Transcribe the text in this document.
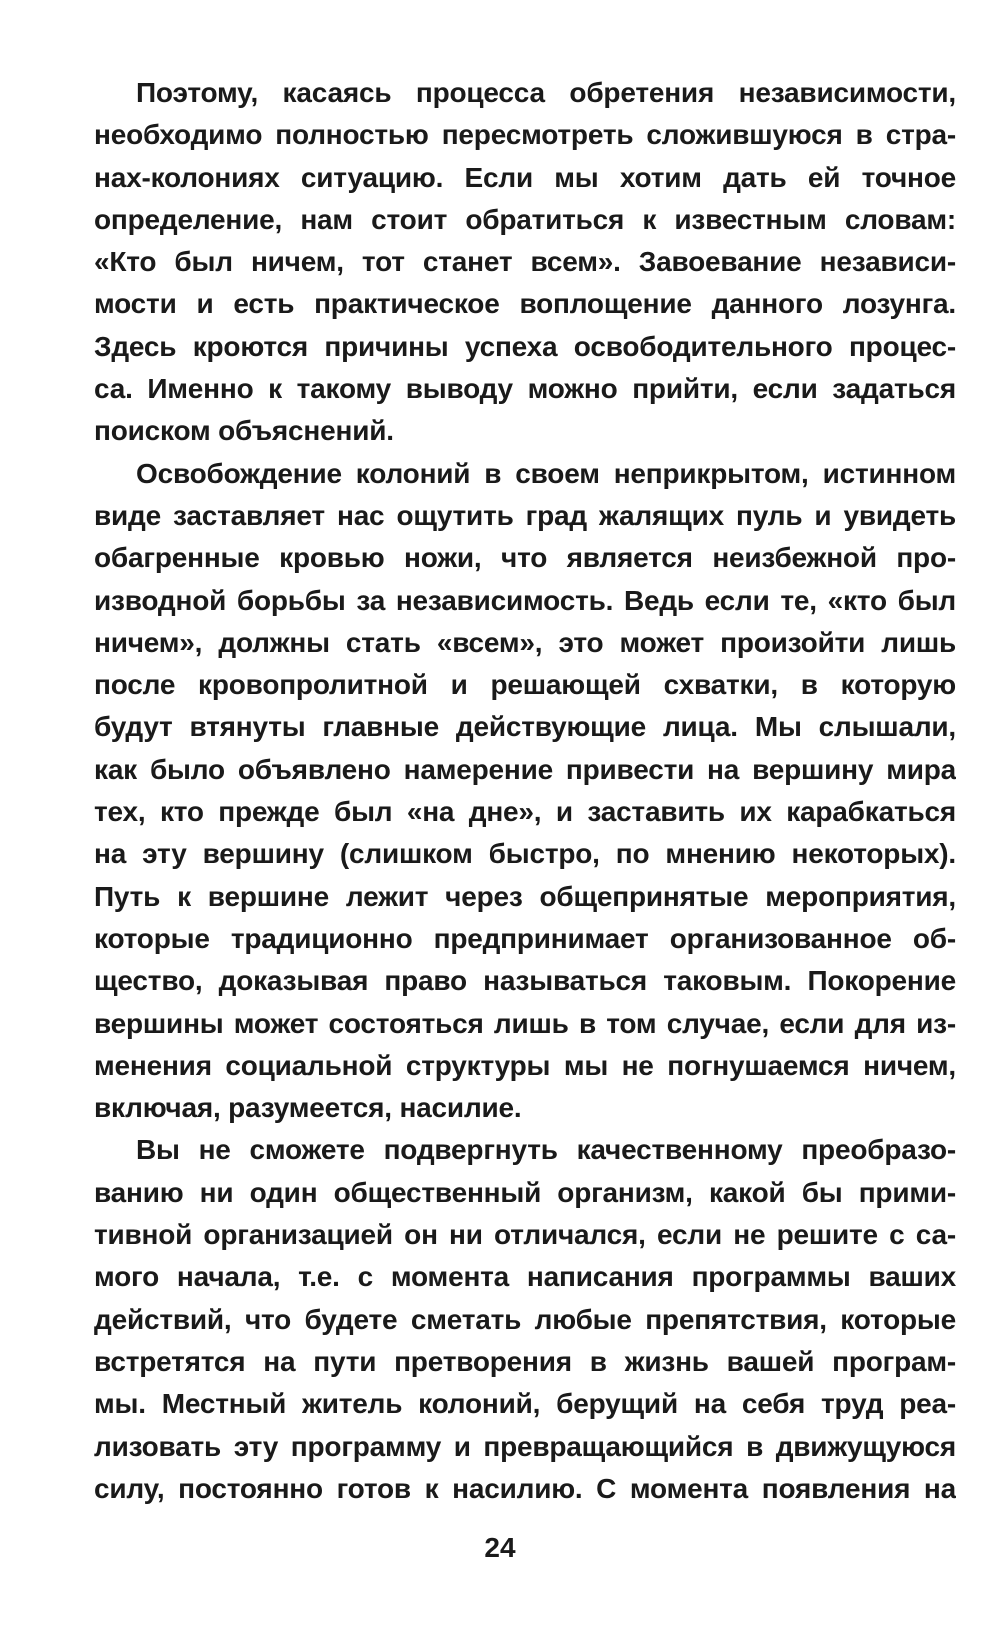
Поэтому, касаясь процесса обретения независимости,
необходимо полностью пересмотреть сложившуюся в стра-
нах-колониях ситуацию. Если мы хотим дать ей точное
определение, нам стоит обратиться к известным словам:
«Кто был ничем, тот станет всем». Завоевание независи-
мости и есть практическое воплощение данного лозунга.
Здесь кроются причины успеха освободительного процес-
са. Именно к такому выводу можно прийти, если задаться
поиском объяснений.
Освобождение колоний в своем неприкрытом, истинном
виде заставляет нас ощутить град жалящих пуль и увидеть
обагренные кровью ножи, что является неизбежной про-
изводной борьбы за независимость. Ведь если те, «кто был
ничем», должны стать «всем», это может произойти лишь
после кровопролитной и решающей схватки, в которую
будут втянуты главные действующие лица. Мы слышали,
как было объявлено намерение привести на вершину мира
тех, кто прежде был «на дне», и заставить их карабкаться
на эту вершину (слишком быстро, по мнению некоторых).
Путь к вершине лежит через общепринятые мероприятия,
которые традиционно предпринимает организованное об-
щество, доказывая право называться таковым. Покорение
вершины может состояться лишь в том случае, если для из-
менения социальной структуры мы не погнушаемся ничем,
включая, разумеется, насилие.
Вы не сможете подвергнуть качественному преобразо-
ванию ни один общественный организм, какой бы прими-
тивной организацией он ни отличался, если не решите с са-
мого начала, т.е. с момента написания программы ваших
действий, что будете сметать любые препятствия, которые
встретятся на пути претворения в жизнь вашей програм-
мы. Местный житель колоний, берущий на себя труд реа-
лизовать эту программу и превращающийся в движущуюся
силу, постоянно готов к насилию. С момента появления на
24
